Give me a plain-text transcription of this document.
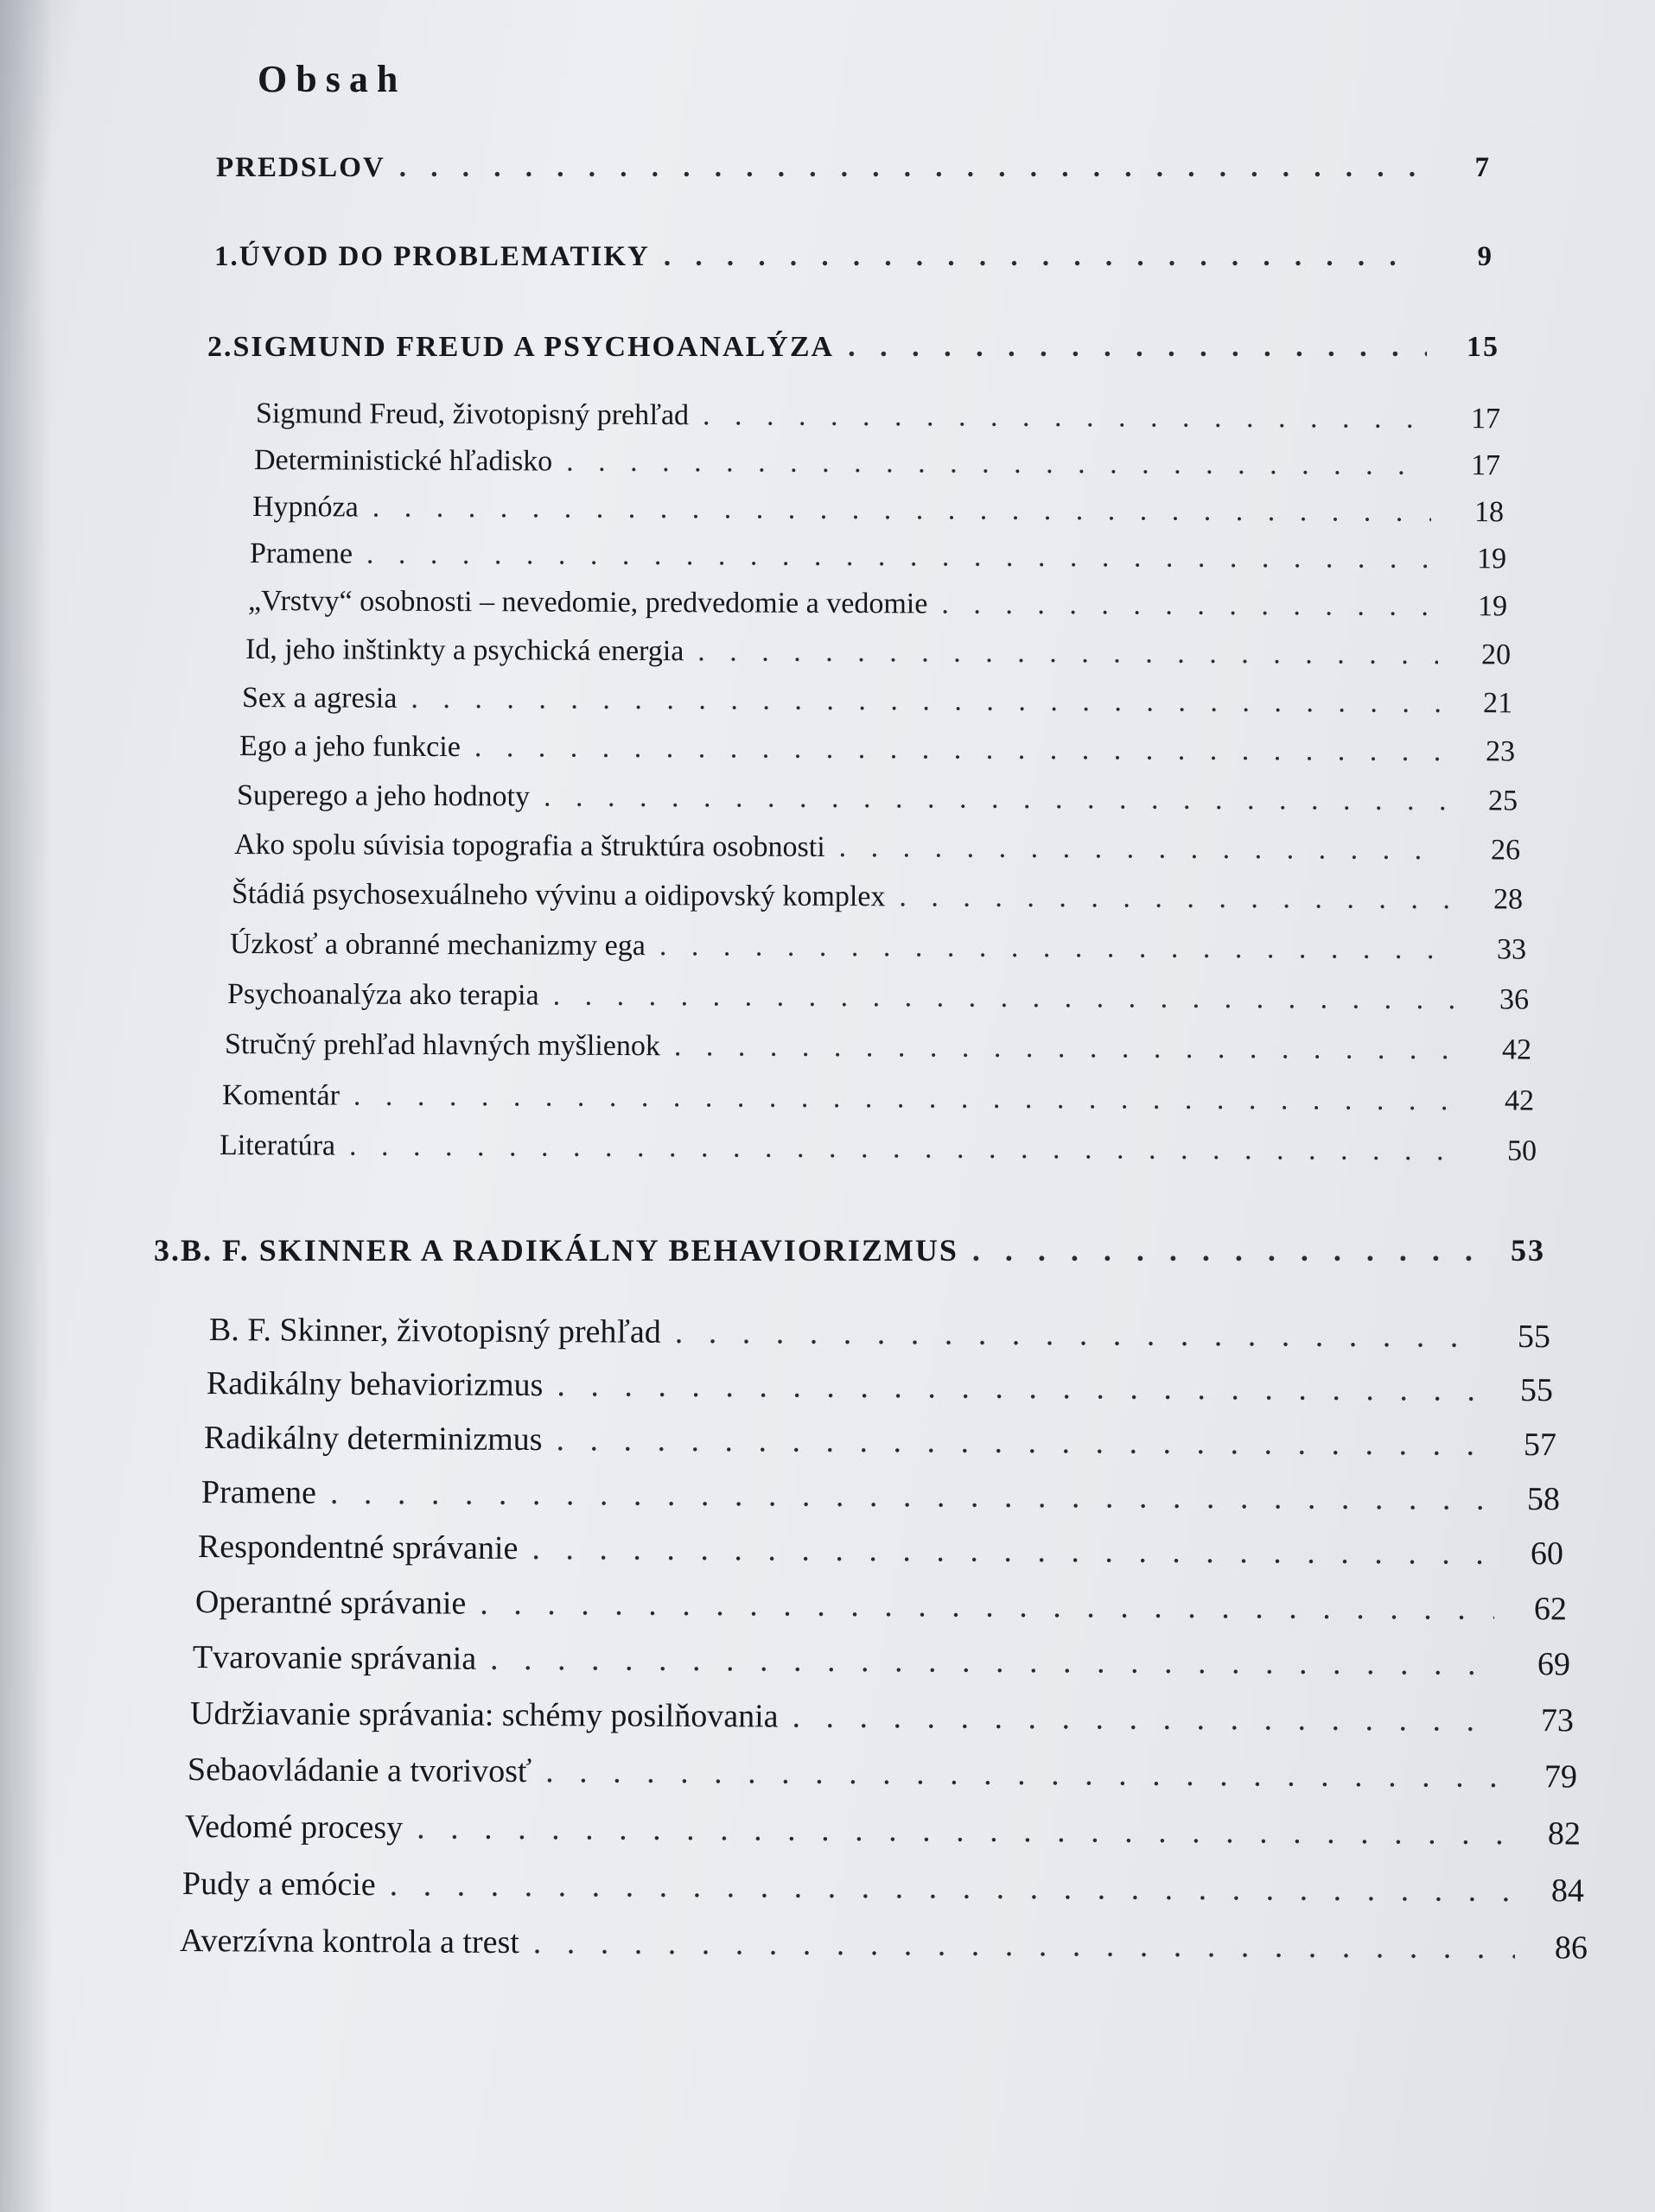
Obsah
PREDSLOV . . .	7
1. ÚVOD DO PROBLEMATIKY . . .	9
2. SIGMUND FREUD A PSYCHOANALÝZA . . .	15
Sigmund Freud, životopisný prehľad . . .	17
Deterministické hľadisko . . .	17
Hypnóza . . .	18
Pramene . . .	19
„Vrstvy“ osobnosti – nevedomie, predvedomie a vedomie . . .	19
Id, jeho inštinkty a psychická energia . . .	20
Sex a agresia . . .	21
Ego a jeho funkcie . . .	23
Superego a jeho hodnoty . . .	25
Ako spolu súvisia topografia a štruktúra osobnosti . . .	26
Štádiá psychosexuálneho vývinu a oidipovský komplex . . .	28
Úzkosť a obranné mechanizmy ega . . .	33
Psychoanalýza ako terapia . . .	36
Stručný prehľad hlavných myšlienok . . .	42
Komentár . . .	42
Literatúra . . .	50
3. B. F. SKINNER A RADIKÁLNY BEHAVIORIZMUS . . .	53
B. F. Skinner, životopisný prehľad . . .	55
Radikálny behaviorizmus . . .	55
Radikálny determinizmus . . .	57
Pramene . . .	58
Respondentné správanie . . .	60
Operantné správanie . . .	62
Tvarovanie správania . . .	69
Udržiavanie správania: schémy posilňovania . . .	73
Sebaovládanie a tvorivosť . . .	79
Vedomé procesy . . .	82
Pudy a emócie . . .	84
Averzívna kontrola a trest . . .	86
